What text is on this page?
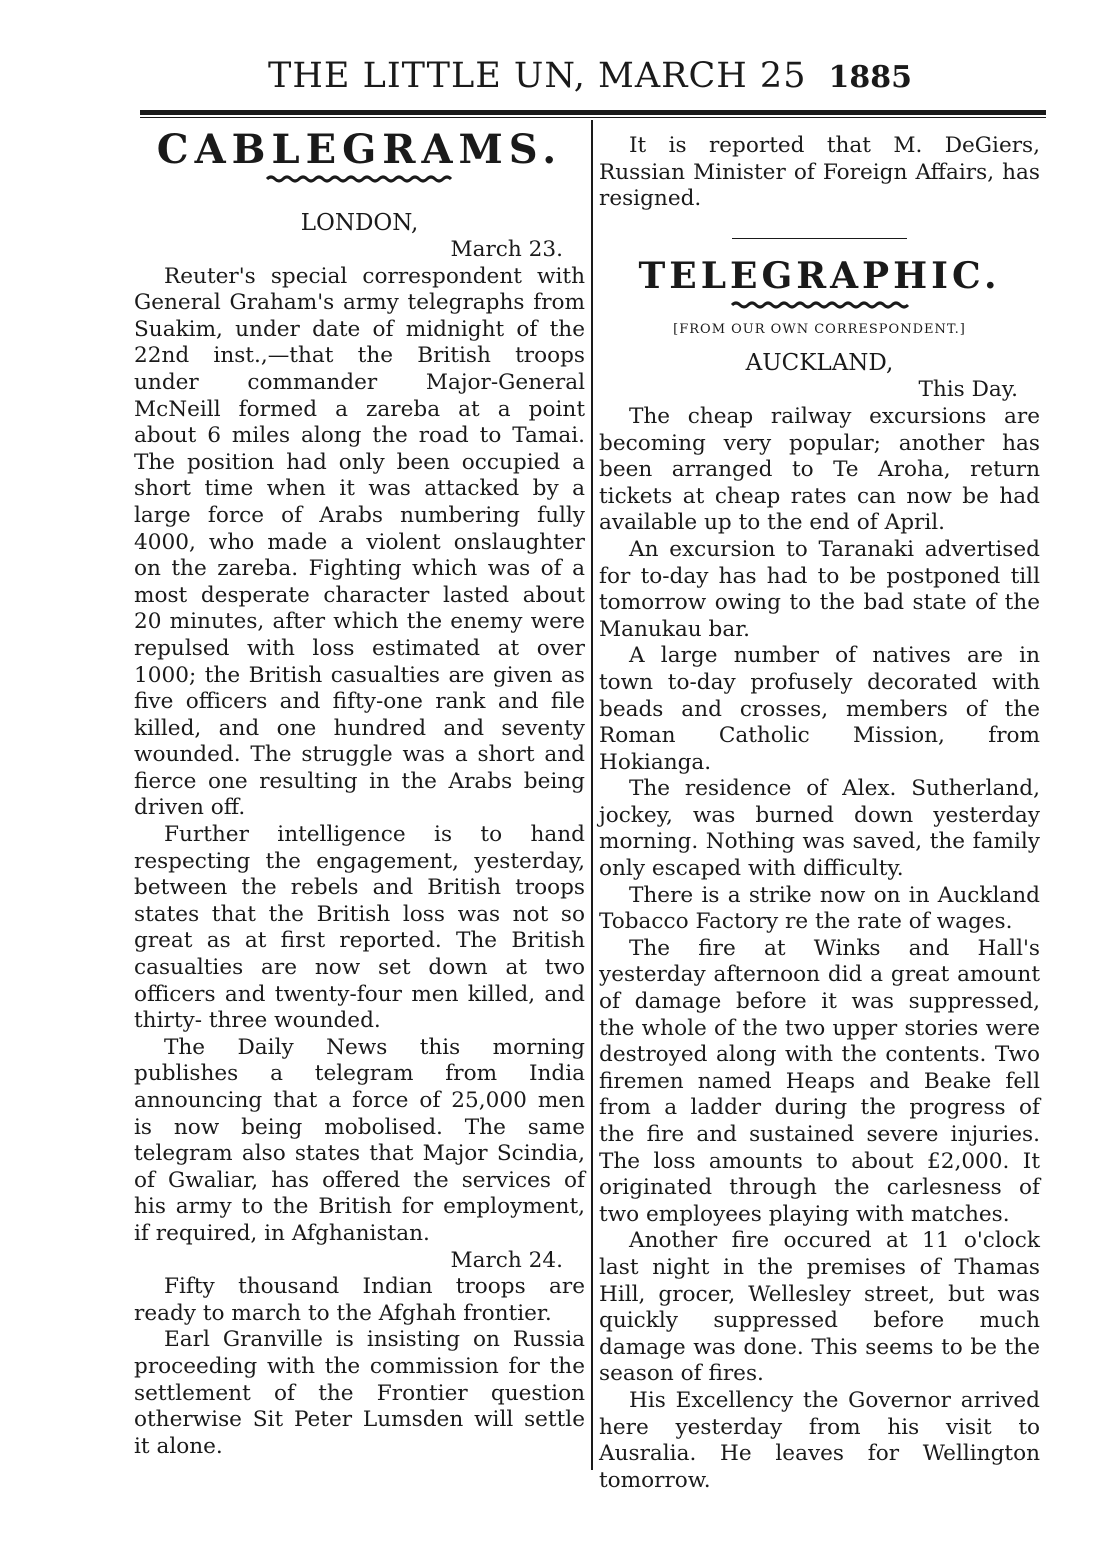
THE LITTLE UN, MARCH 25 1885
CABLEGRAMS.

LONDON,

March 23.

Reuter's special correspondent with General Graham's army telegraphs from Suakim, under date of midnight of the 22nd inst.,—that the British troops under commander Major-General McNeill formed a zareba at a point about 6 miles along the road to Tamai. The position had only been occupied a short time when it was attacked by a large force of Arabs numbering fully 4000, who made a violent onslaughter on the zareba. Fighting which was of a most desperate character lasted about 20 minutes, after which the enemy were repulsed with loss estimated at over 1000; the British casualties are given as five officers and fifty-one rank and file killed, and one hundred and seventy wounded. The struggle was a short and fierce one resulting in the Arabs being driven off.

Further intelligence is to hand respecting the engagement, yesterday, between the rebels and British troops states that the British loss was not so great as at first reported. The British casualties are now set down at two officers and twenty-four men killed, and thirty- three wounded.

The Daily News this morning publishes a telegram from India announcing that a force of 25,000 men is now being mobolised. The same telegram also states that Major Scindia, of Gwaliar, has offered the services of his army to the British for employment, if required, in Afghanistan.

March 24.

Fifty thousand Indian troops are ready to march to the Afghah frontier.

Earl Granville is insisting on Russia proceeding with the commission for the settlement of the Frontier question otherwise Sit Peter Lumsden will settle it alone.

It is reported that M. DeGiers, Russian Minister of Foreign Affairs, has resigned.

TELEGRAPHIC.

[FROM OUR OWN CORRESPONDENT.]

AUCKLAND,

This Day.

The cheap railway excursions are becoming very popular; another has been arranged to Te Aroha, return tickets at cheap rates can now be had available up to the end of April.

An excursion to Taranaki advertised for to-day has had to be postponed till tomorrow owing to the bad state of the Manukau bar.

A large number of natives are in town to-day profusely decorated with beads and crosses, members of the Roman Catholic Mission, from Hokianga.

The residence of Alex. Sutherland, jockey, was burned down yesterday morning. Nothing was saved, the family only escaped with difficulty.

There is a strike now on in Auckland Tobacco Factory re the rate of wages.

The fire at Winks and Hall's yesterday afternoon did a great amount of damage before it was suppressed, the whole of the two upper stories were destroyed along with the contents. Two firemen named Heaps and Beake fell from a ladder during the progress of the fire and sustained severe injuries. The loss amounts to about £2,000. It originated through the carlesness of two employees playing with matches.

Another fire occured at 11 o'clock last night in the premises of Thamas Hill, grocer, Wellesley street, but was quickly suppressed before much damage was done. This seems to be the season of fires.

His Excellency the Governor arrived here yesterday from his visit to Ausralia. He leaves for Wellington tomorrow.
